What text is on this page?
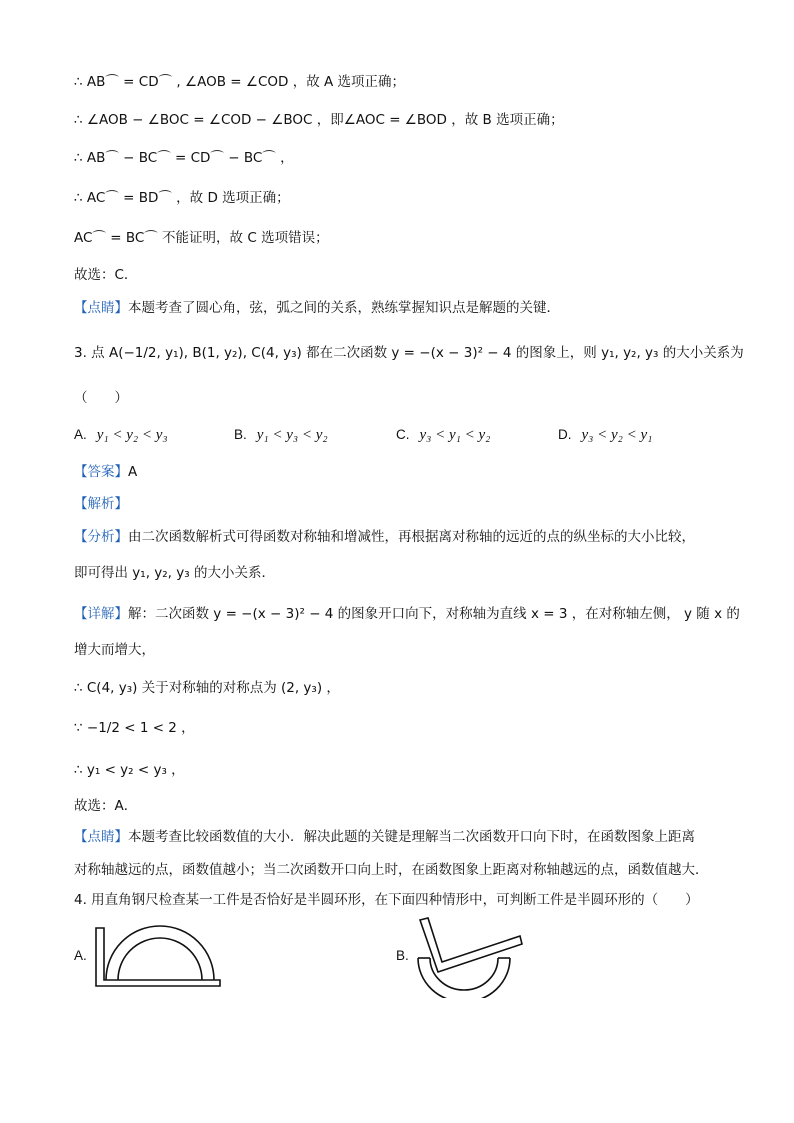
∴ AB⌒ = CD⌒ , ∠AOB = ∠COD ，故 A 选项正确；
∴ ∠AOB − ∠BOC = ∠COD − ∠BOC ，即∠AOC = ∠BOD ，故 B 选项正确；
∴ AB⌒ − BC⌒ = CD⌒ − BC⌒ ，
∴ AC⌒ = BD⌒ ，故 D 选项正确；
AC⌒ = BC⌒ 不能证明，故 C 选项错误；
故选：C．
【点睛】本题考查了圆心角，弦，弧之间的关系，熟练掌握知识点是解题的关键．
3. 点 A(−1/2, y₁), B(1, y₂), C(4, y₃) 都在二次函数 y = −(x − 3)² − 4 的图象上，则 y₁, y₂, y₃ 的大小关系为
（　　）
A. y₁ < y₂ < y₃	B. y₁ < y₃ < y₂	C. y₃ < y₁ < y₂	D. y₃ < y₂ < y₁
【答案】A
【解析】
【分析】由二次函数解析式可得函数对称轴和增减性，再根据离对称轴的远近的点的纵坐标的大小比较，
即可得出 y₁, y₂, y₃ 的大小关系．
【详解】解：二次函数 y = −(x − 3)² − 4 的图象开口向下，对称轴为直线 x = 3 ，在对称轴左侧， y 随 x 的
增大而增大，
∴ C(4, y₃) 关于对称轴的对称点为 (2, y₃) ，
∵ −1/2 < 1 < 2 ，
∴ y₁ < y₂ < y₃ ，
故选：A．
【点睛】本题考查比较函数值的大小．解决此题的关键是理解当二次函数开口向下时，在函数图象上距离
对称轴越远的点，函数值越小；当二次函数开口向上时，在函数图象上距离对称轴越远的点，函数值越大．
4. 用直角钢尺检查某一工件是否恰好是半圆环形，在下面四种情形中，可判断工件是半圆环形的（　　）
A.	B.
